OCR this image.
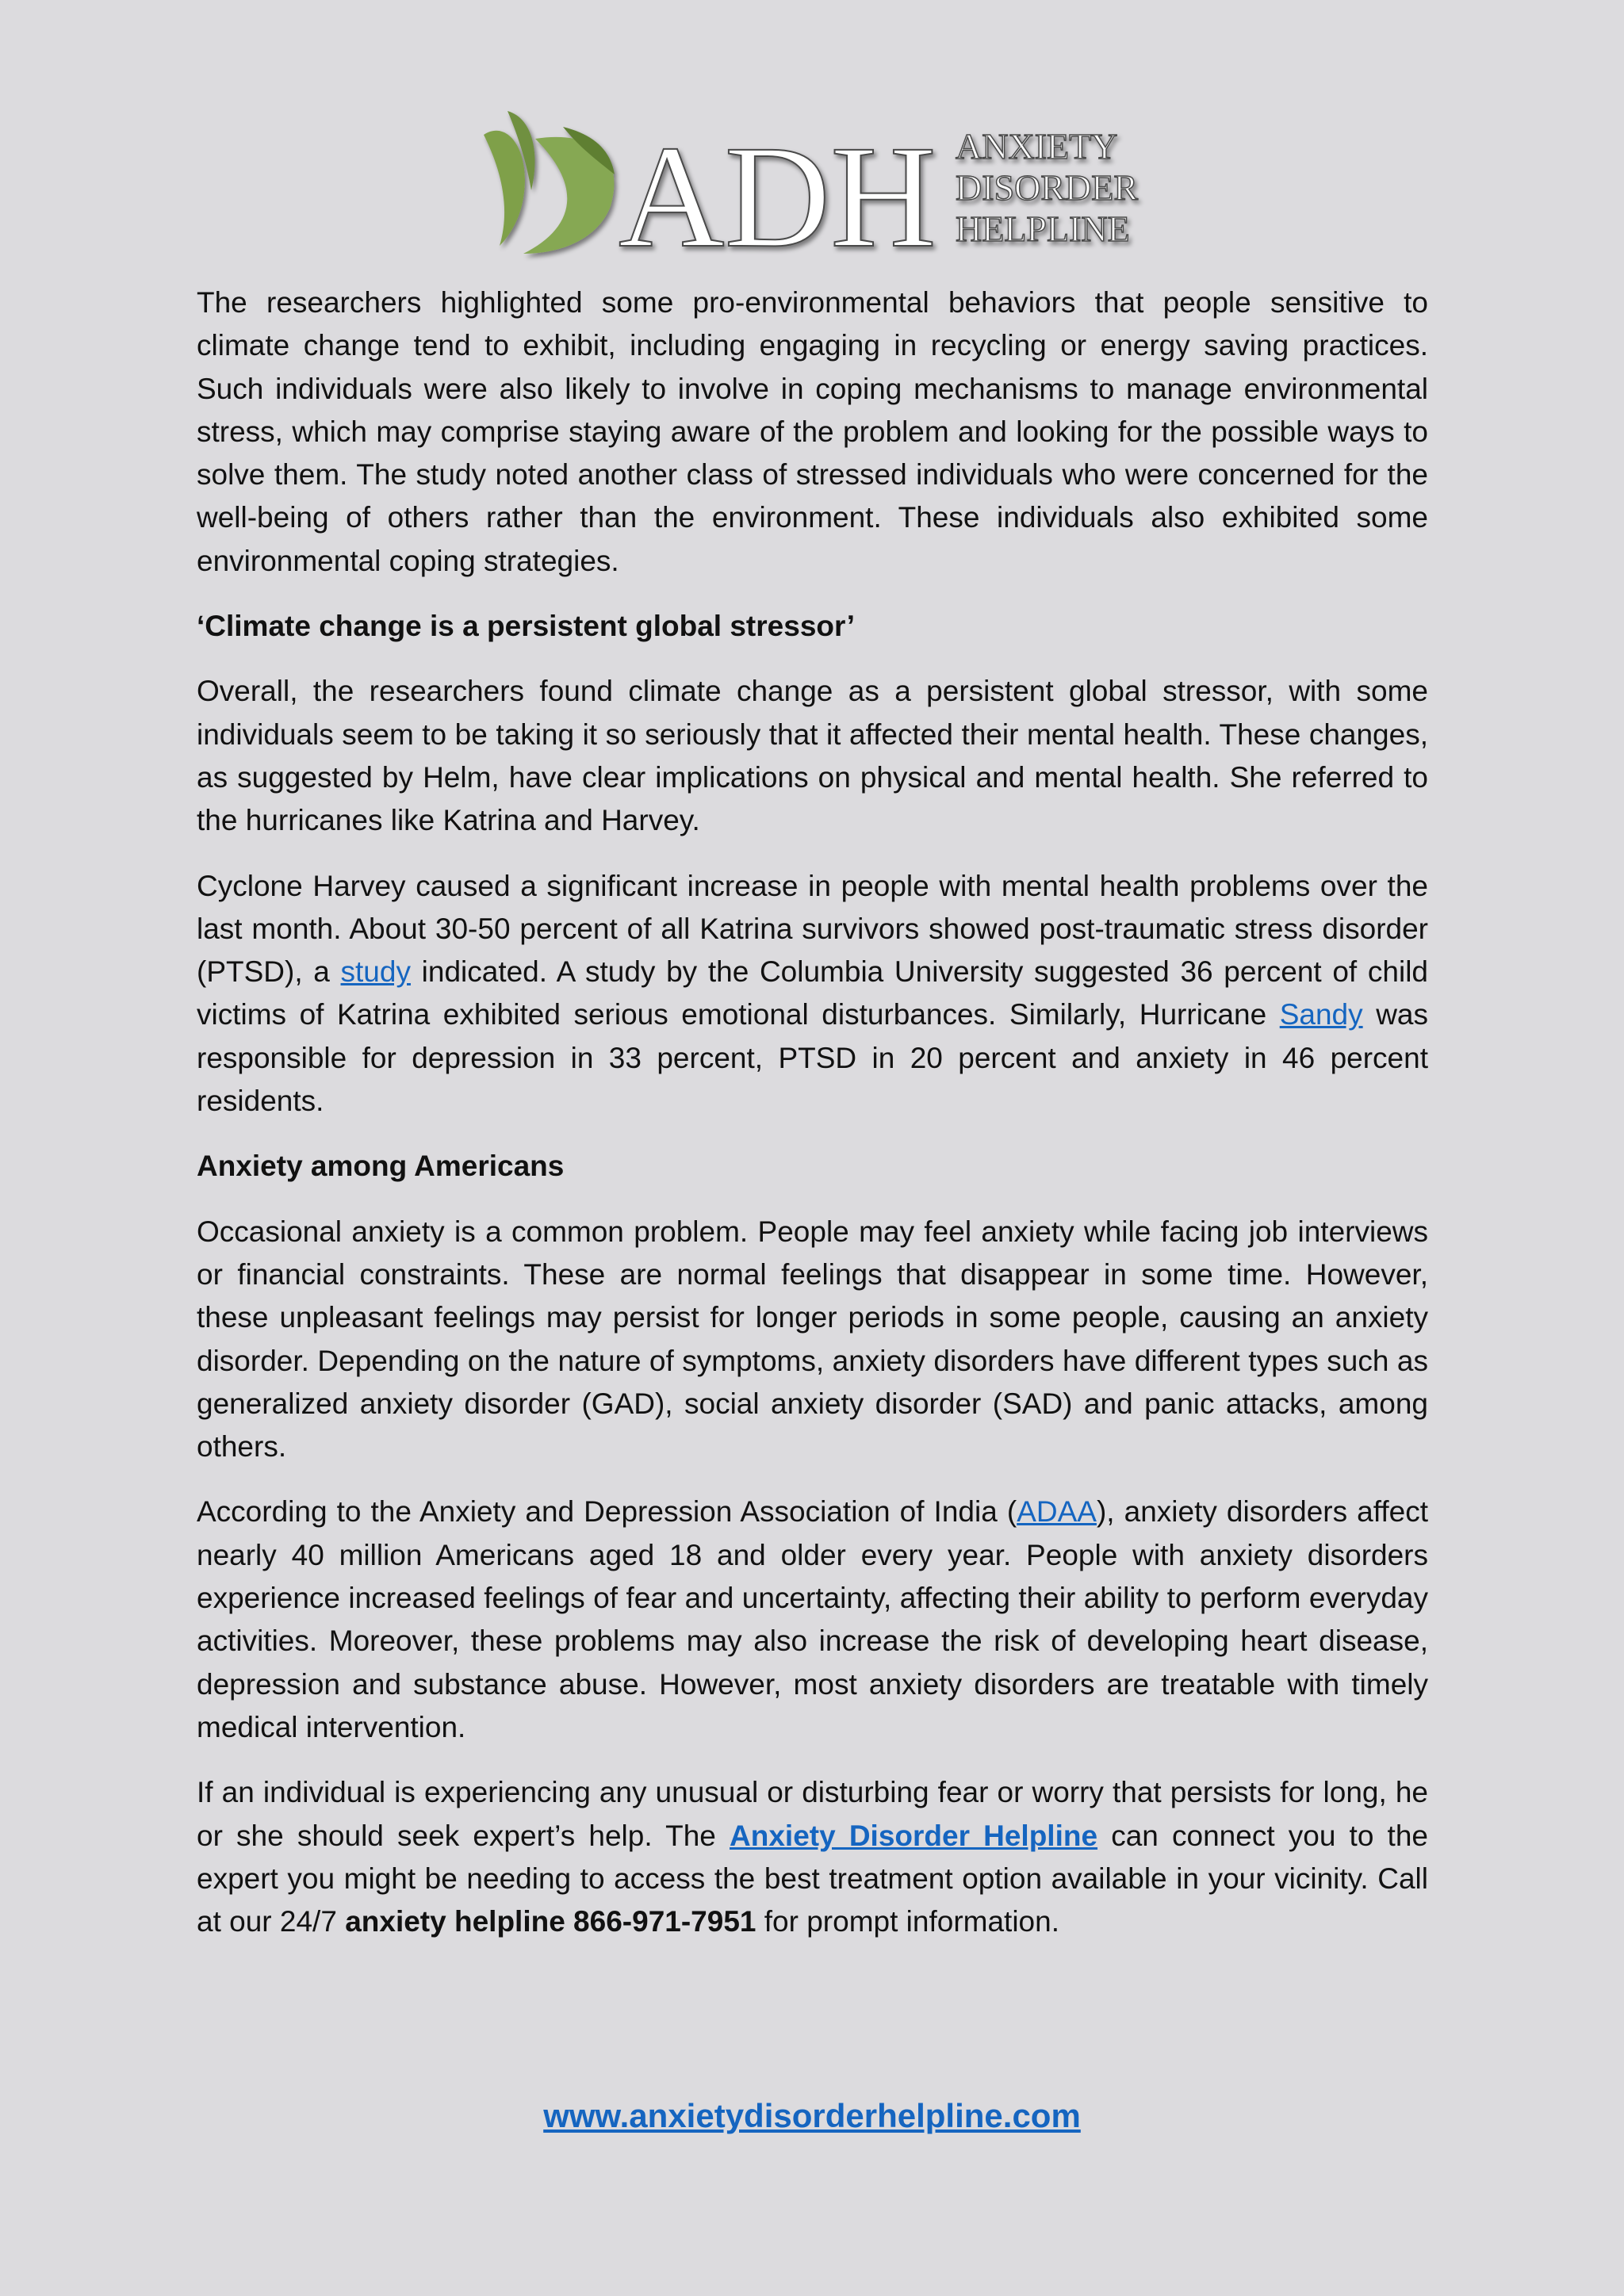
ADH ANXIETY
DISORDER
HELPLINE

The researchers highlighted some pro-environmental behaviors that people sensitive to climate change tend to exhibit, including engaging in recycling or energy saving practices. Such individuals were also likely to involve in coping mechanisms to manage environmental stress, which may comprise staying aware of the problem and looking for the possible ways to solve them. The study noted another class of stressed individuals who were concerned for the well-being of others rather than the environment. These individuals also exhibited some environmental coping strategies.

‘Climate change is a persistent global stressor’

Overall, the researchers found climate change as a persistent global stressor, with some individuals seem to be taking it so seriously that it affected their mental health. These changes, as suggested by Helm, have clear implications on physical and mental health. She referred to the hurricanes like Katrina and Harvey.

Cyclone Harvey caused a significant increase in people with mental health problems over the last month. About 30-50 percent of all Katrina survivors showed post-traumatic stress disorder (PTSD), a study indicated. A study by the Columbia University suggested 36 percent of child victims of Katrina exhibited serious emotional disturbances. Similarly, Hurricane Sandy was responsible for depression in 33 percent, PTSD in 20 percent and anxiety in 46 percent residents.

Anxiety among Americans

Occasional anxiety is a common problem. People may feel anxiety while facing job interviews or financial constraints. These are normal feelings that disappear in some time. However, these unpleasant feelings may persist for longer periods in some people, causing an anxiety disorder. Depending on the nature of symptoms, anxiety disorders have different types such as generalized anxiety disorder (GAD), social anxiety disorder (SAD) and panic attacks, among others.

According to the Anxiety and Depression Association of India (ADAA), anxiety disorders affect nearly 40 million Americans aged 18 and older every year. People with anxiety disorders experience increased feelings of fear and uncertainty, affecting their ability to perform everyday activities. Moreover, these problems may also increase the risk of developing heart disease, depression and substance abuse. However, most anxiety disorders are treatable with timely medical intervention.

If an individual is experiencing any unusual or disturbing fear or worry that persists for long, he or she should seek expert’s help. The Anxiety Disorder Helpline can connect you to the expert you might be needing to access the best treatment option available in your vicinity. Call at our 24/7 anxiety helpline 866-971-7951 for prompt information.

www.anxietydisorderhelpline.com
